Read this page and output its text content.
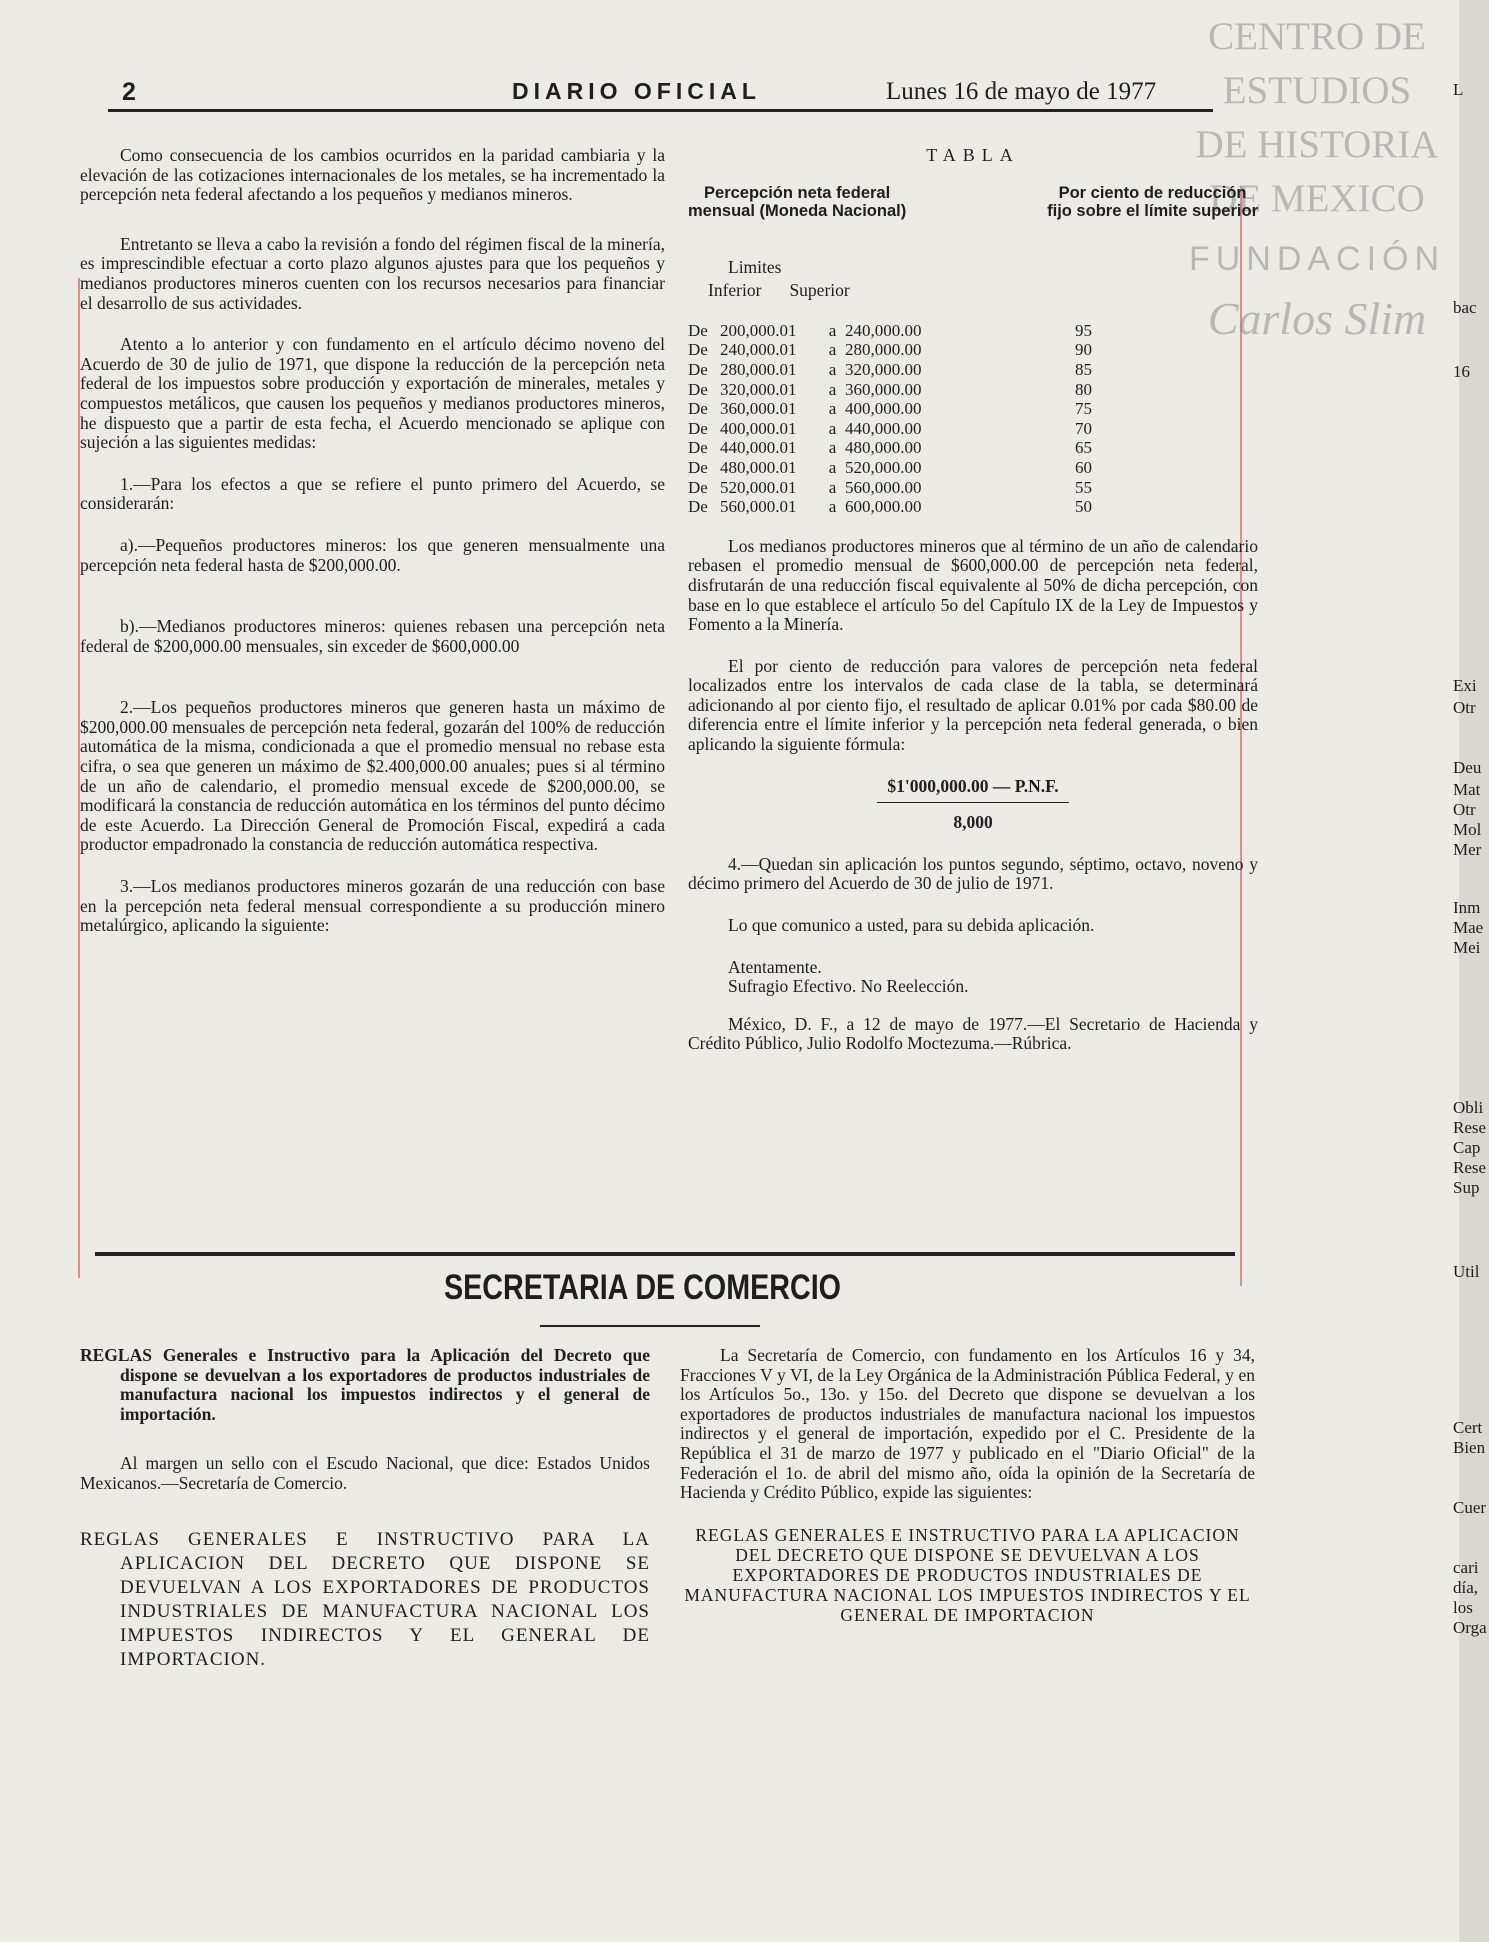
2	DIARIO OFICIAL	Lunes 16 de mayo de 1977
CENTRO DE
ESTUDIOS
DE HISTORIA
DE MEXICO
FUNDACIÓN
Carlos Slim

Como consecuencia de los cambios ocurridos en la paridad cambiaria y la elevación de las cotizaciones internacionales de los metales, se ha incrementado la percepción neta federal afectando a los pequeños y medianos mineros.

Entretanto se lleva a cabo la revisión a fondo del régimen fiscal de la minería, es imprescindible efectuar a corto plazo algunos ajustes para que los pequeños y medianos productores mineros cuenten con los recursos necesarios para financiar el desarrollo de sus actividades.

Atento a lo anterior y con fundamento en el artículo décimo noveno del Acuerdo de 30 de julio de 1971, que dispone la reducción de la percepción neta federal de los impuestos sobre producción y exportación de minerales, metales y compuestos metálicos, que causen los pequeños y medianos productores mineros, he dispuesto que a partir de esta fecha, el Acuerdo mencionado se aplique con sujeción a las siguientes medidas:

1.—Para los efectos a que se refiere el punto primero del Acuerdo, se considerarán:

a).—Pequeños productores mineros: los que generen mensualmente una percepción neta federal hasta de $200,000.00.

b).—Medianos productores mineros: quienes rebasen una percepción neta federal de $200,000.00 mensuales, sin exceder de $600,000.00

2.—Los pequeños productores mineros que generen hasta un máximo de $200,000.00 mensuales de percepción neta federal, gozarán del 100% de reducción automática de la misma, condicionada a que el promedio mensual no rebase esta cifra, o sea que generen un máximo de $2.400,000.00 anuales; pues si al término de un año de calendario, el promedio mensual excede de $200,000.00, se modificará la constancia de reducción automática en los términos del punto décimo de este Acuerdo. La Dirección General de Promoción Fiscal, expedirá a cada productor empadronado la constancia de reducción automática respectiva.

3.—Los medianos productores mineros gozarán de una reducción con base en la percepción neta federal mensual correspondiente a su producción minero metalúrgico, aplicando la siguiente:

TABLA
Percepción neta federal
mensual (Moneda Nacional)
Por ciento de reducción
fijo sobre el límite superior
Limites
Inferior Superior
De 200,000.01	a 240,000.00	95
De 240,000.01	a 280,000.00	90
De 280,000.01	a 320,000.00	85
De 320,000.01	a 360,000.00	80
De 360,000.01	a 400,000.00	75
De 400,000.01	a 440,000.00	70
De 440,000.01	a 480,000.00	65
De 480,000.01	a 520,000.00	60
De 520,000.01	a 560,000.00	55
De 560,000.01	a 600,000.00	50

Los medianos productores mineros que al término de un año de calendario rebasen el promedio mensual de $600,000.00 de percepción neta federal, disfrutarán de una reducción fiscal equivalente al 50% de dicha percepción, con base en lo que establece el artículo 5o del Capítulo IX de la Ley de Impuestos y Fomento a la Minería.

El por ciento de reducción para valores de percepción neta federal localizados entre los intervalos de cada clase de la tabla, se determinará adicionando al por ciento fijo, el resultado de aplicar 0.01% por cada $80.00 de diferencia entre el límite inferior y la percepción neta federal generada, o bien aplicando la siguiente fórmula:

$1'000,000.00 — P.N.F.
8,000

4.—Quedan sin aplicación los puntos segundo, séptimo, octavo, noveno y décimo primero del Acuerdo de 30 de julio de 1971.

Lo que comunico a usted, para su debida aplicación.

Atentamente.

Sufragio Efectivo. No Reelección.

México, D. F., a 12 de mayo de 1977.—El Secretario de Hacienda y Crédito Público, Julio Rodolfo Moctezuma.—Rúbrica.

SECRETARIA DE COMERCIO

REGLAS Generales e Instructivo para la Aplicación del Decreto que dispone se devuelvan a los exportadores de productos industriales de manufactura nacional los impuestos indirectos y el general de importación.

Al margen un sello con el Escudo Nacional, que dice: Estados Unidos Mexicanos.—Secretaría de Comercio.

REGLAS GENERALES E INSTRUCTIVO PARA LA APLICACION DEL DECRETO QUE DISPONE SE DEVUELVAN A LOS EXPORTADORES DE PRODUCTOS INDUSTRIALES DE MANUFACTURA NACIONAL LOS IMPUESTOS INDIRECTOS Y EL GENERAL DE IMPORTACION.

La Secretaría de Comercio, con fundamento en los Artículos 16 y 34, Fracciones V y VI, de la Ley Orgánica de la Administración Pública Federal, y en los Artículos 5o., 13o. y 15o. del Decreto que dispone se devuelvan a los exportadores de productos industriales de manufactura nacional los impuestos indirectos y el general de importación, expedido por el C. Presidente de la República el 31 de marzo de 1977 y publicado en el "Diario Oficial" de la Federación el 1o. de abril del mismo año, oída la opinión de la Secretaría de Hacienda y Crédito Público, expide las siguientes:

REGLAS GENERALES E INSTRUCTIVO PARA LA APLICACION DEL DECRETO QUE DISPONE SE DEVUELVAN A LOS EXPORTADORES DE PRODUCTOS INDUSTRIALES DE MANUFACTURA NACIONAL LOS IMPUESTOS INDIRECTOS Y EL GENERAL DE IMPORTACION

L
bac
16
Exi
Otr
Deu
Mat
Otr
Mol
Mer
Inm
Mae
Mei
Obli
Rese
Cap
Rese
Sup
Util
Cert
Bien
Cuer
cari
día,
los
Orga
